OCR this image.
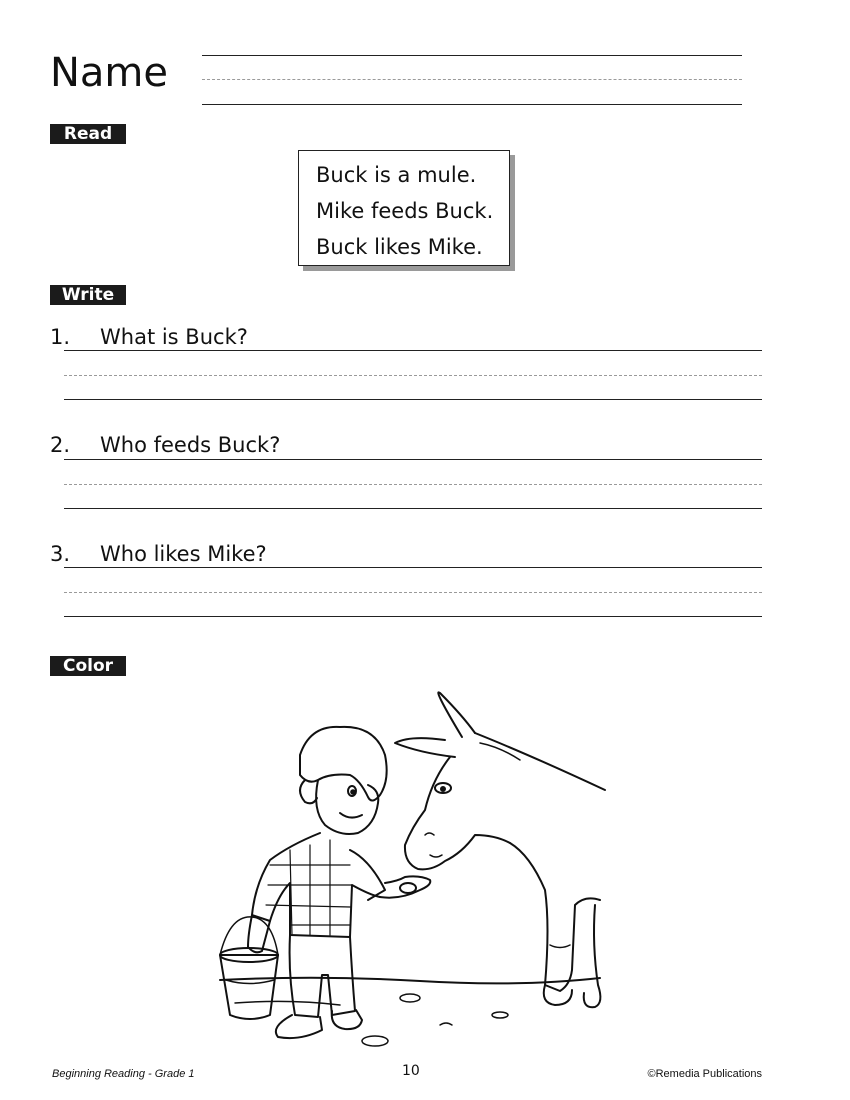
Name
Read
Buck is a mule.
Mike feeds Buck.
Buck likes Mike.
Write
1. What is Buck?
2. Who feeds Buck?
3. Who likes Mike?
Color
Beginning Reading - Grade 1	10	©Remedia Publications
